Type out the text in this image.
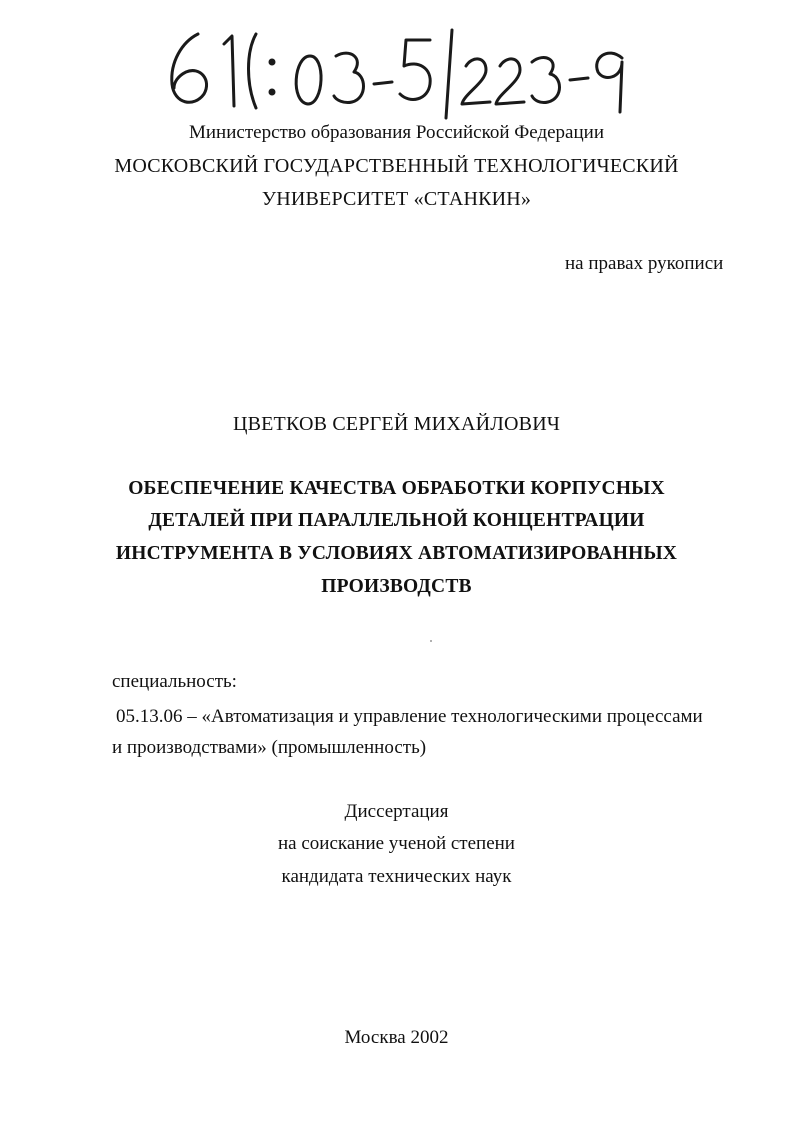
Министерство образования Российской Федерации
МОСКОВСКИЙ ГОСУДАРСТВЕННЫЙ ТЕХНОЛОГИЧЕСКИЙ
УНИВЕРСИТЕТ «СТАНКИН»
на правах рукописи
ЦВЕТКОВ СЕРГЕЙ МИХАЙЛОВИЧ
ОБЕСПЕЧЕНИЕ КАЧЕСТВА ОБРАБОТКИ КОРПУСНЫХ
ДЕТАЛЕЙ ПРИ ПАРАЛЛЕЛЬНОЙ КОНЦЕНТРАЦИИ
ИНСТРУМЕНТА В УСЛОВИЯХ АВТОМАТИЗИРОВАННЫХ
ПРОИЗВОДСТВ
специальность:
05.13.06 – «Автоматизация и управление технологическими процессами
и производствами» (промышленность)
Диссертация
на соискание ученой степени
кандидата технических наук
Москва 2002
